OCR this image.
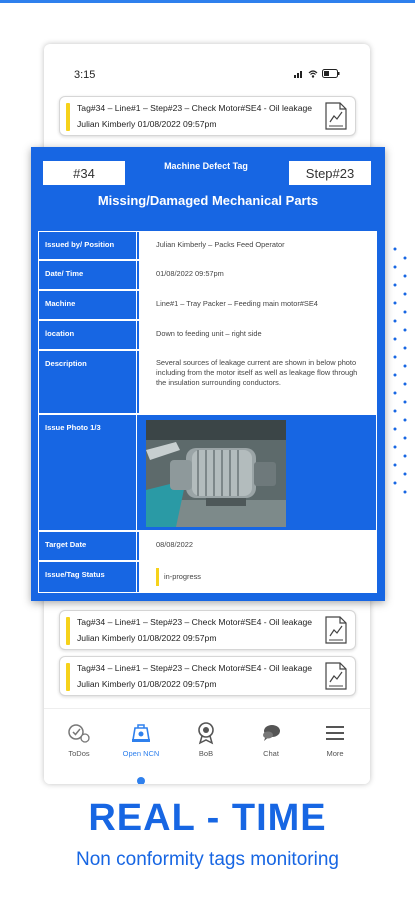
3:15
Tag#34 – Line#1 – Step#23 – Check Motor#SE4 - Oil leakage
Julian Kimberly 01/08/2022 09:57pm
Tag#34 – Line#1 – Step#23 – Check Motor#SE4 - Oil leakage
Julian Kimberly 01/08/2022 09:57pm
Tag#34 – Line#1 – Step#23 – Check Motor#SE4 - Oil leakage
Julian Kimberly 01/08/2022 09:57pm
ToDos	Open NCN	BoB	Chat	More
#34	Machine Defect Tag	Step#23
Missing/Damaged Mechanical Parts
Issued by/ Position	Julian Kimberly – Packs Feed Operator
Date/ Time	01/08/2022 09:57pm
Machine	Line#1 – Tray Packer – Feeding main motor#SE4
location	Down to feeding unit – right side
Description	Several sources of leakage current are shown in below photo including from the motor itself as well as leakage flow through the insulation surrounding conductors.
Issue Photo 1/3
Target Date	08/08/2022
Issue/Tag Status	in-progress
REAL - TIME
Non conformity tags monitoring
